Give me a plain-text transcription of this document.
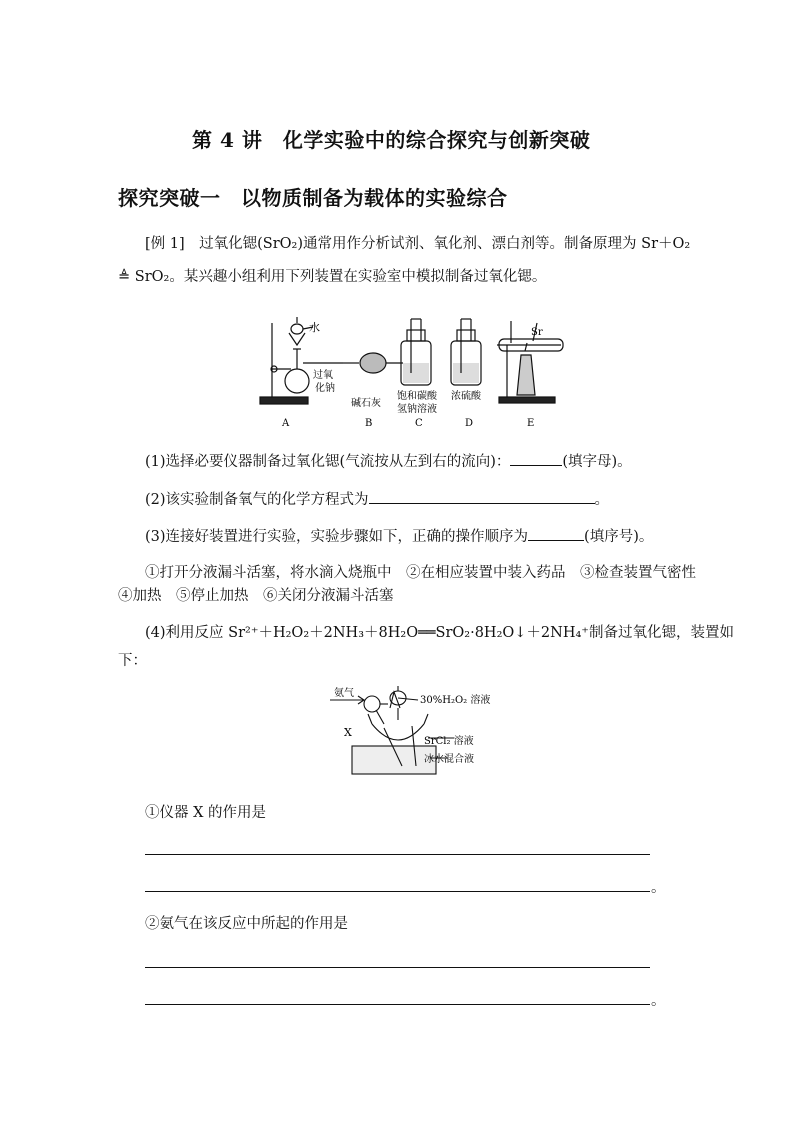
第 4 讲　化学实验中的综合探究与创新突破
探究突破一　以物质制备为载体的实验综合
[例 1]　过氧化锶(SrO₂)通常用作分析试剂、氧化剂、漂白剂等。制备原理为 Sr＋O₂
≜ SrO₂。某兴趣小组利用下列装置在实验室中模拟制备过氧化锶。
水
过氧
化钠
碱石灰
饱和碳酸
氢钠溶液
浓硫酸
Sr
A	B	C	D	E
(1)选择必要仪器制备过氧化锶(气流按从左到右的流向)：	(填字母)。
(2)该实验制备氧气的化学方程式为	。
(3)连接好装置进行实验，实验步骤如下，正确的操作顺序为	(填序号)。
①打开分液漏斗活塞，将水滴入烧瓶中　②在相应装置中装入药品　③检查装置气密性
④加热　⑤停止加热　⑥关闭分液漏斗活塞
(4)利用反应 Sr²⁺＋H₂O₂＋2NH₃＋8H₂O══SrO₂·8H₂O↓＋2NH₄⁺制备过氧化锶，装置如
下：
氨气
30%H₂O₂ 溶液
X
SrCl₂ 溶液
冰水混合液
①仪器 X 的作用是
。
②氨气在该反应中所起的作用是
。
